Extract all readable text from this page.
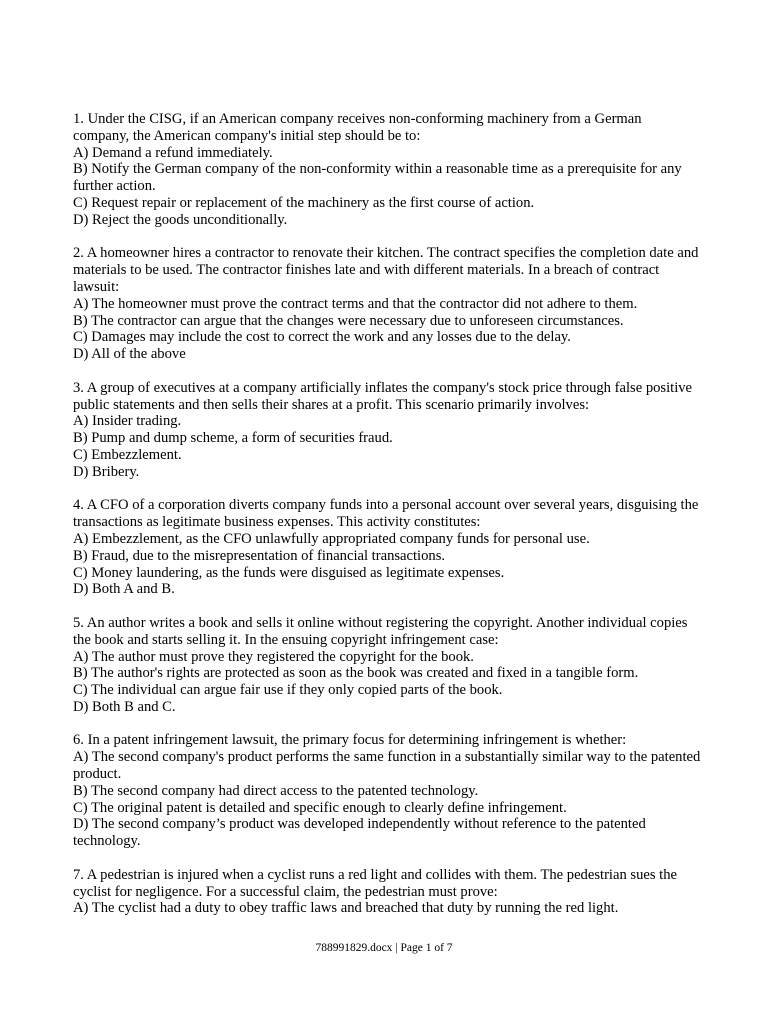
1. Under the CISG, if an American company receives non-conforming machinery from a German company, the American company's initial step should be to:
A) Demand a refund immediately.
B) Notify the German company of the non-conformity within a reasonable time as a prerequisite for any further action.
C) Request repair or replacement of the machinery as the first course of action.
D) Reject the goods unconditionally.
2. A homeowner hires a contractor to renovate their kitchen. The contract specifies the completion date and materials to be used. The contractor finishes late and with different materials. In a breach of contract lawsuit:
A) The homeowner must prove the contract terms and that the contractor did not adhere to them.
B) The contractor can argue that the changes were necessary due to unforeseen circumstances.
C) Damages may include the cost to correct the work and any losses due to the delay.
D) All of the above
3. A group of executives at a company artificially inflates the company's stock price through false positive public statements and then sells their shares at a profit. This scenario primarily involves:
A) Insider trading.
B) Pump and dump scheme, a form of securities fraud.
C) Embezzlement.
D) Bribery.
4. A CFO of a corporation diverts company funds into a personal account over several years, disguising the transactions as legitimate business expenses. This activity constitutes:
A) Embezzlement, as the CFO unlawfully appropriated company funds for personal use.
B) Fraud, due to the misrepresentation of financial transactions.
C) Money laundering, as the funds were disguised as legitimate expenses.
D) Both A and B.
5. An author writes a book and sells it online without registering the copyright. Another individual copies the book and starts selling it. In the ensuing copyright infringement case:
A) The author must prove they registered the copyright for the book.
B) The author's rights are protected as soon as the book was created and fixed in a tangible form.
C) The individual can argue fair use if they only copied parts of the book.
D) Both B and C.
6. In a patent infringement lawsuit, the primary focus for determining infringement is whether:
A) The second company's product performs the same function in a substantially similar way to the patented product.
B) The second company had direct access to the patented technology.
C) The original patent is detailed and specific enough to clearly define infringement.
D) The second company’s product was developed independently without reference to the patented technology.
7. A pedestrian is injured when a cyclist runs a red light and collides with them. The pedestrian sues the cyclist for negligence. For a successful claim, the pedestrian must prove:
A) The cyclist had a duty to obey traffic laws and breached that duty by running the red light.
788991829.docx | Page 1 of 7
